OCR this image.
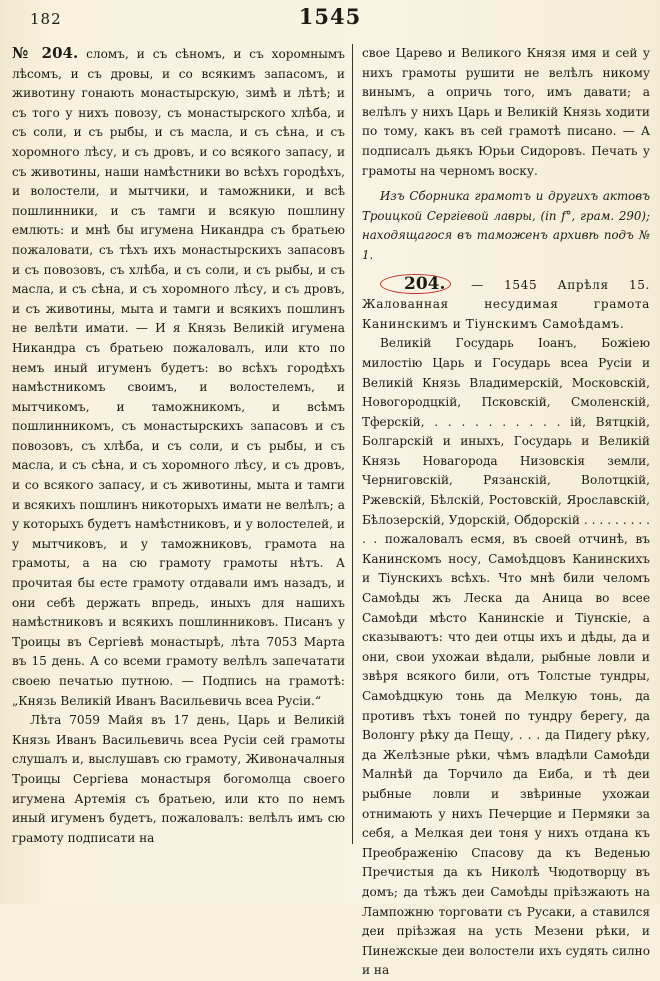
182	1545

№ 204. сломъ, и съ сѣномъ, и съ хоромнымъ лѣсомъ, и съ дровы, и со всякимъ запасомъ, и животину гонають монастырскую, зимѣ и лѣтѣ; и съ того у нихъ повозу, съ монастырского хлѣба, и съ соли, и съ рыбы, и съ масла, и съ сѣна, и съ хоромного лѣсу, и съ дровъ, и со всякого запасу, и съ животины, наши намѣстники во всѣхъ городѣхъ, и волостели, и мытчики, и таможники, и всѣ пошлинники, и съ тамги и всякую пошлину емлють: и мнѣ бы игумена Никандра съ братьею пожаловати, съ тѣхъ ихъ монастырскихъ запасовъ и съ повозовъ, съ хлѣба, и съ соли, и съ рыбы, и съ масла, и съ сѣна, и съ хоромного лѣсу, и съ дровъ, и съ животины, мыта и тамги и всякихъ пошлинъ не велѣти имати. — И я Князь Великій игумена Никандра съ братьею пожаловалъ, или кто по немъ иный игуменъ будетъ: во всѣхъ городѣхъ намѣстникомъ своимъ, и волостелемъ, и мытчикомъ, и таможникомъ, и всѣмъ пошлинникомъ, съ монастырскихъ запасовъ и съ повозовъ, съ хлѣба, и съ соли, и съ рыбы, и съ масла, и съ сѣна, и съ хоромного лѣсу, и съ дровъ, и со всякого запасу, и съ животины, мыта и тамги и всякихъ пошлинъ никоторыхъ имати не велѣлъ; а у которыхъ будетъ намѣстниковъ, и у волостелей, и у мытчиковъ, и у таможниковъ, грамота на грамоты, а на сю грамоту грамоты нѣтъ. А прочитая бы есте грамоту отдавали имъ назадъ, и они себѣ держать впредь, иныхъ для нашихъ намѣстниковъ и всякихъ пошлинниковъ. Писанъ у Троицы въ Сергіевѣ монастырѣ, лѣта 7053 Марта въ 15 день. А со всеми грамоту велѣлъ запечатати своею печатью путною. — Подпись на грамотѣ: „Князь Великій Иванъ Васильевичь всеа Русіи.“

Лѣта 7059 Майя въ 17 день, Царь и Великій Князь Иванъ Васильевичь всеа Русіи сей грамоты слушалъ и, выслушавъ сю грамоту, Живоначалныя Троицы Сергіева монастыря богомолца своего игумена Артемія съ братьею, или кто по немъ иный игуменъ будетъ, пожаловалъ: велѣлъ имъ сю грамоту подписати на

свое Царево и Великого Князя имя и сей у нихъ грамоты рушити не велѣлъ никому винымъ, а опричь того, имъ давати; а велѣлъ у нихъ Царь и Великій Князь ходити по тому, какъ въ сей грамотѣ писано. — А подписалъ дьякъ Юрьи Сидоровъ. Печать у грамоты на черномъ воску.

Изъ Сборника грамотъ и другихъ актовъ Троицкой Сергіевой лавры, (in f°, грам. 290); находящагося въ таможенъ архивѣ подъ № 1.

204. — 1545 Апрѣля 15. Жалованная несудимая грамота Канинскимъ и Тіунскимъ Самоѣдамъ.

Великій Государь Іоанъ, Божіею милостію Царь и Государь всеа Русіи и Великій Князь Владимерскій, Московскій, Новогородцкій, Псковскій, Смоленскій, Тферскій, . . . . . . . . . . ій, Вятцкій, Болгарскій и иныхъ, Государь и Великій Князь Новагорода Низовскія земли, Черниговскій, Рязанскій, Волотцкій, Ржевскій, Бѣлскій, Ростовскій, Ярославскій, Бѣлозерскій, Удорскій, Обдорскій . . . . . . . . . . . пожаловалъ есмя, въ своей отчинѣ, въ Канинскомъ носу, Самоѣдцовъ Канинскихъ и Тіунскихъ всѣхъ. Что мнѣ били челомъ Самоѣды жъ Леска да Аница во всее Самоѣди мѣсто Канинскіе и Тіунскіе, а сказываютъ: что деи отцы ихъ и дѣды, да и они, свои ухожаи вѣдали, рыбные ловли и звѣря всякого били, отъ Толстые тундры, Самоѣдцкую тонь да Мелкую тонь, да противъ тѣхъ тоней по тундру берегу, да Волонгу рѣку да Пещу, . . . да Пидегу рѣку, да Желѣзные рѣки, чѣмъ владѣли Самоѣди Малнѣй да Торчило да Еиба, и тѣ деи рыбные ловли и звѣриные ухожаи отнимають у нихъ Печерцие и Пермяки за себя, а Мелкая деи тоня у нихъ отдана къ Преображенію Спасову да къ Веденью Пречистыя да къ Николѣ Чюдотворцу въ домъ; да тѣжъ деи Самоѣды пріѣзжають на Лампожню торговати съ Русаки, а ставился деи пріѣзжая на усть Мезени рѣки, и Пинежскые деи волостели ихъ судять силно и на
